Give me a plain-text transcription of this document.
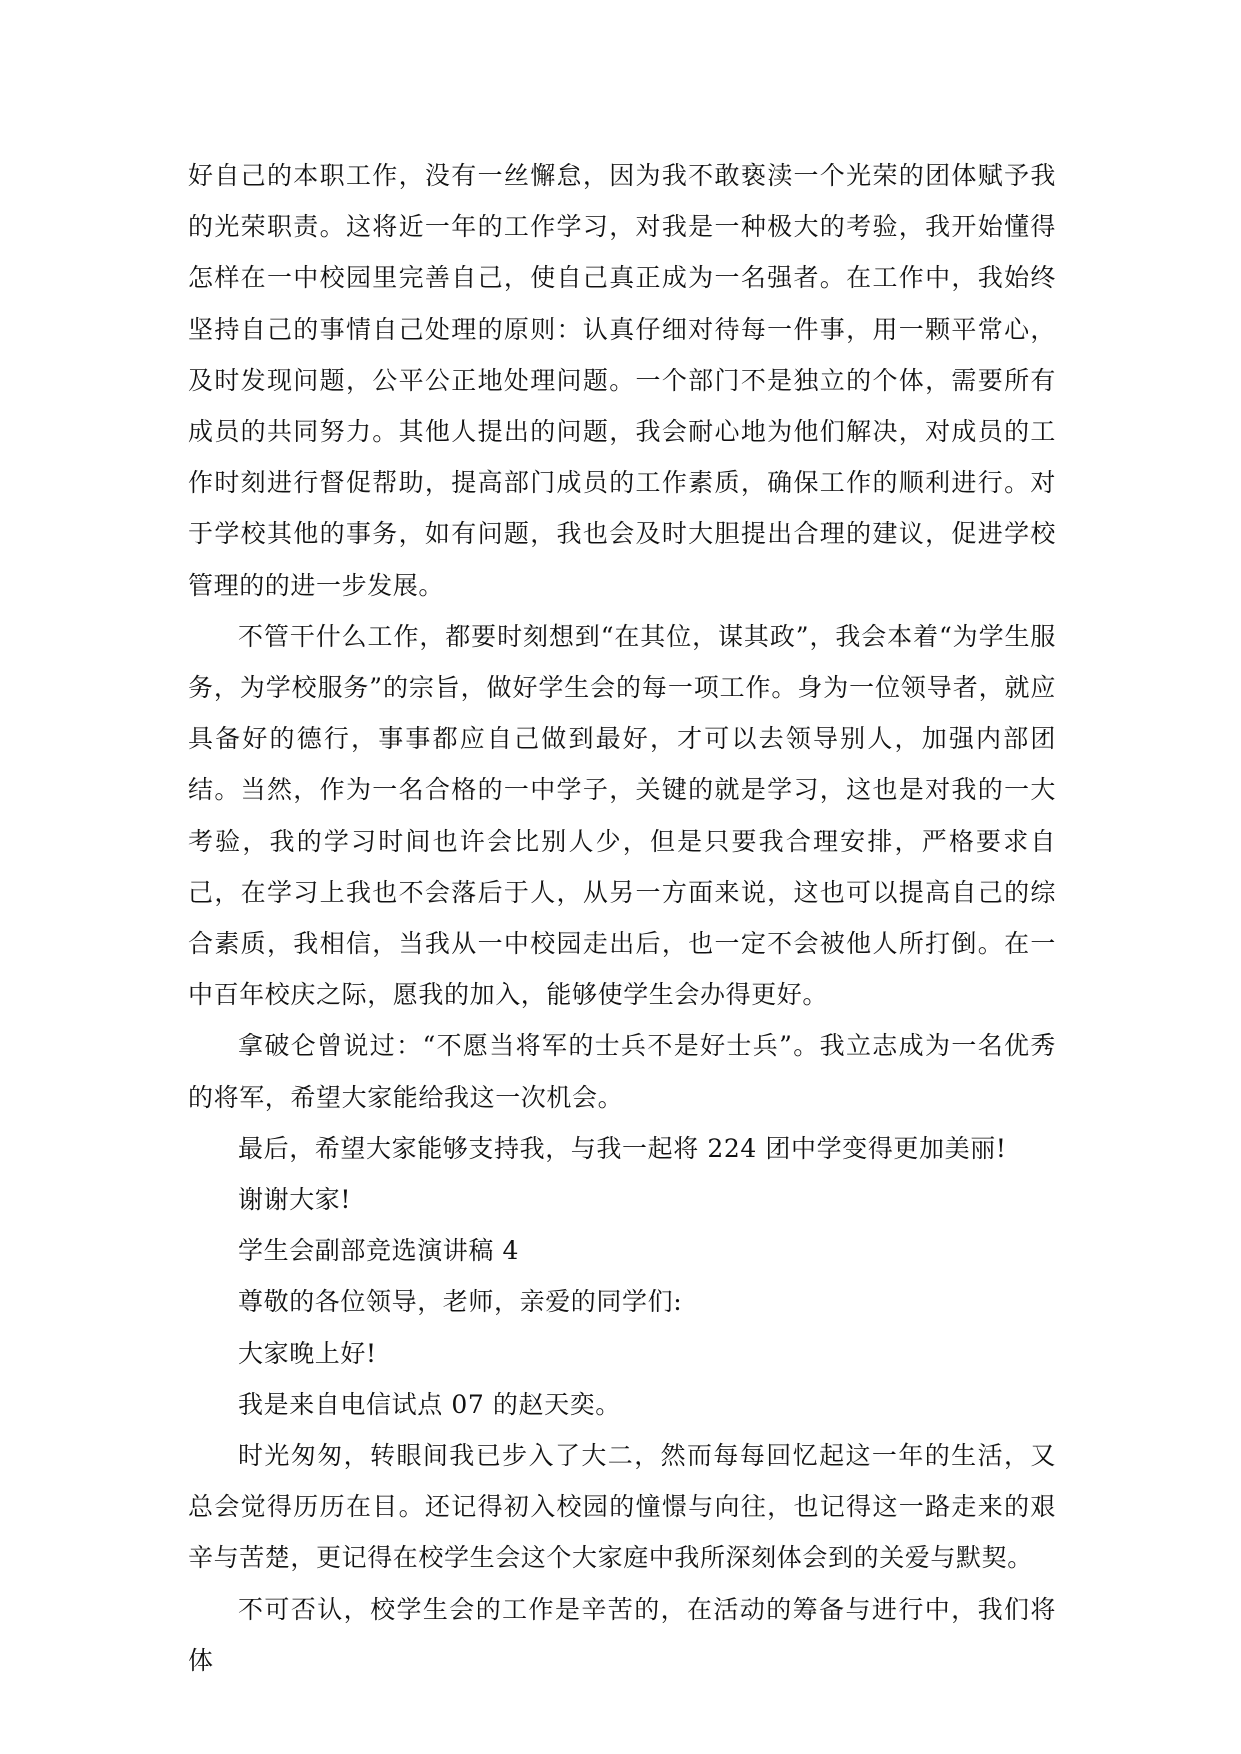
好自己的本职工作，没有一丝懈怠，因为我不敢亵渎一个光荣的团体赋予我的光荣职责。这将近一年的工作学习，对我是一种极大的考验，我开始懂得怎样在一中校园里完善自己，使自己真正成为一名强者。在工作中，我始终坚持自己的事情自己处理的原则：认真仔细对待每一件事，用一颗平常心，及时发现问题，公平公正地处理问题。一个部门不是独立的个体，需要所有成员的共同努力。其他人提出的问题，我会耐心地为他们解决，对成员的工作时刻进行督促帮助，提高部门成员的工作素质，确保工作的顺利进行。对于学校其他的事务，如有问题，我也会及时大胆提出合理的建议，促进学校管理的的进一步发展。

不管干什么工作，都要时刻想到“在其位，谋其政”，我会本着“为学生服务，为学校服务”的宗旨，做好学生会的每一项工作。身为一位领导者，就应具备好的德行，事事都应自己做到最好，才可以去领导别人，加强内部团结。当然，作为一名合格的一中学子，关键的就是学习，这也是对我的一大考验，我的学习时间也许会比别人少，但是只要我合理安排，严格要求自己，在学习上我也不会落后于人，从另一方面来说，这也可以提高自己的综合素质，我相信，当我从一中校园走出后，也一定不会被他人所打倒。在一中百年校庆之际，愿我的加入，能够使学生会办得更好。

拿破仑曾说过：“不愿当将军的士兵不是好士兵”。我立志成为一名优秀的将军，希望大家能给我这一次机会。

最后，希望大家能够支持我，与我一起将 224 团中学变得更加美丽!

谢谢大家!

学生会副部竞选演讲稿 4

尊敬的各位领导，老师，亲爱的同学们:

大家晚上好!

我是来自电信试点 07 的赵天奕。

时光匆匆，转眼间我已步入了大二，然而每每回忆起这一年的生活，又总会觉得历历在目。还记得初入校园的憧憬与向往，也记得这一路走来的艰辛与苦楚，更记得在校学生会这个大家庭中我所深刻体会到的关爱与默契。

不可否认，校学生会的工作是辛苦的，在活动的筹备与进行中，我们将体
